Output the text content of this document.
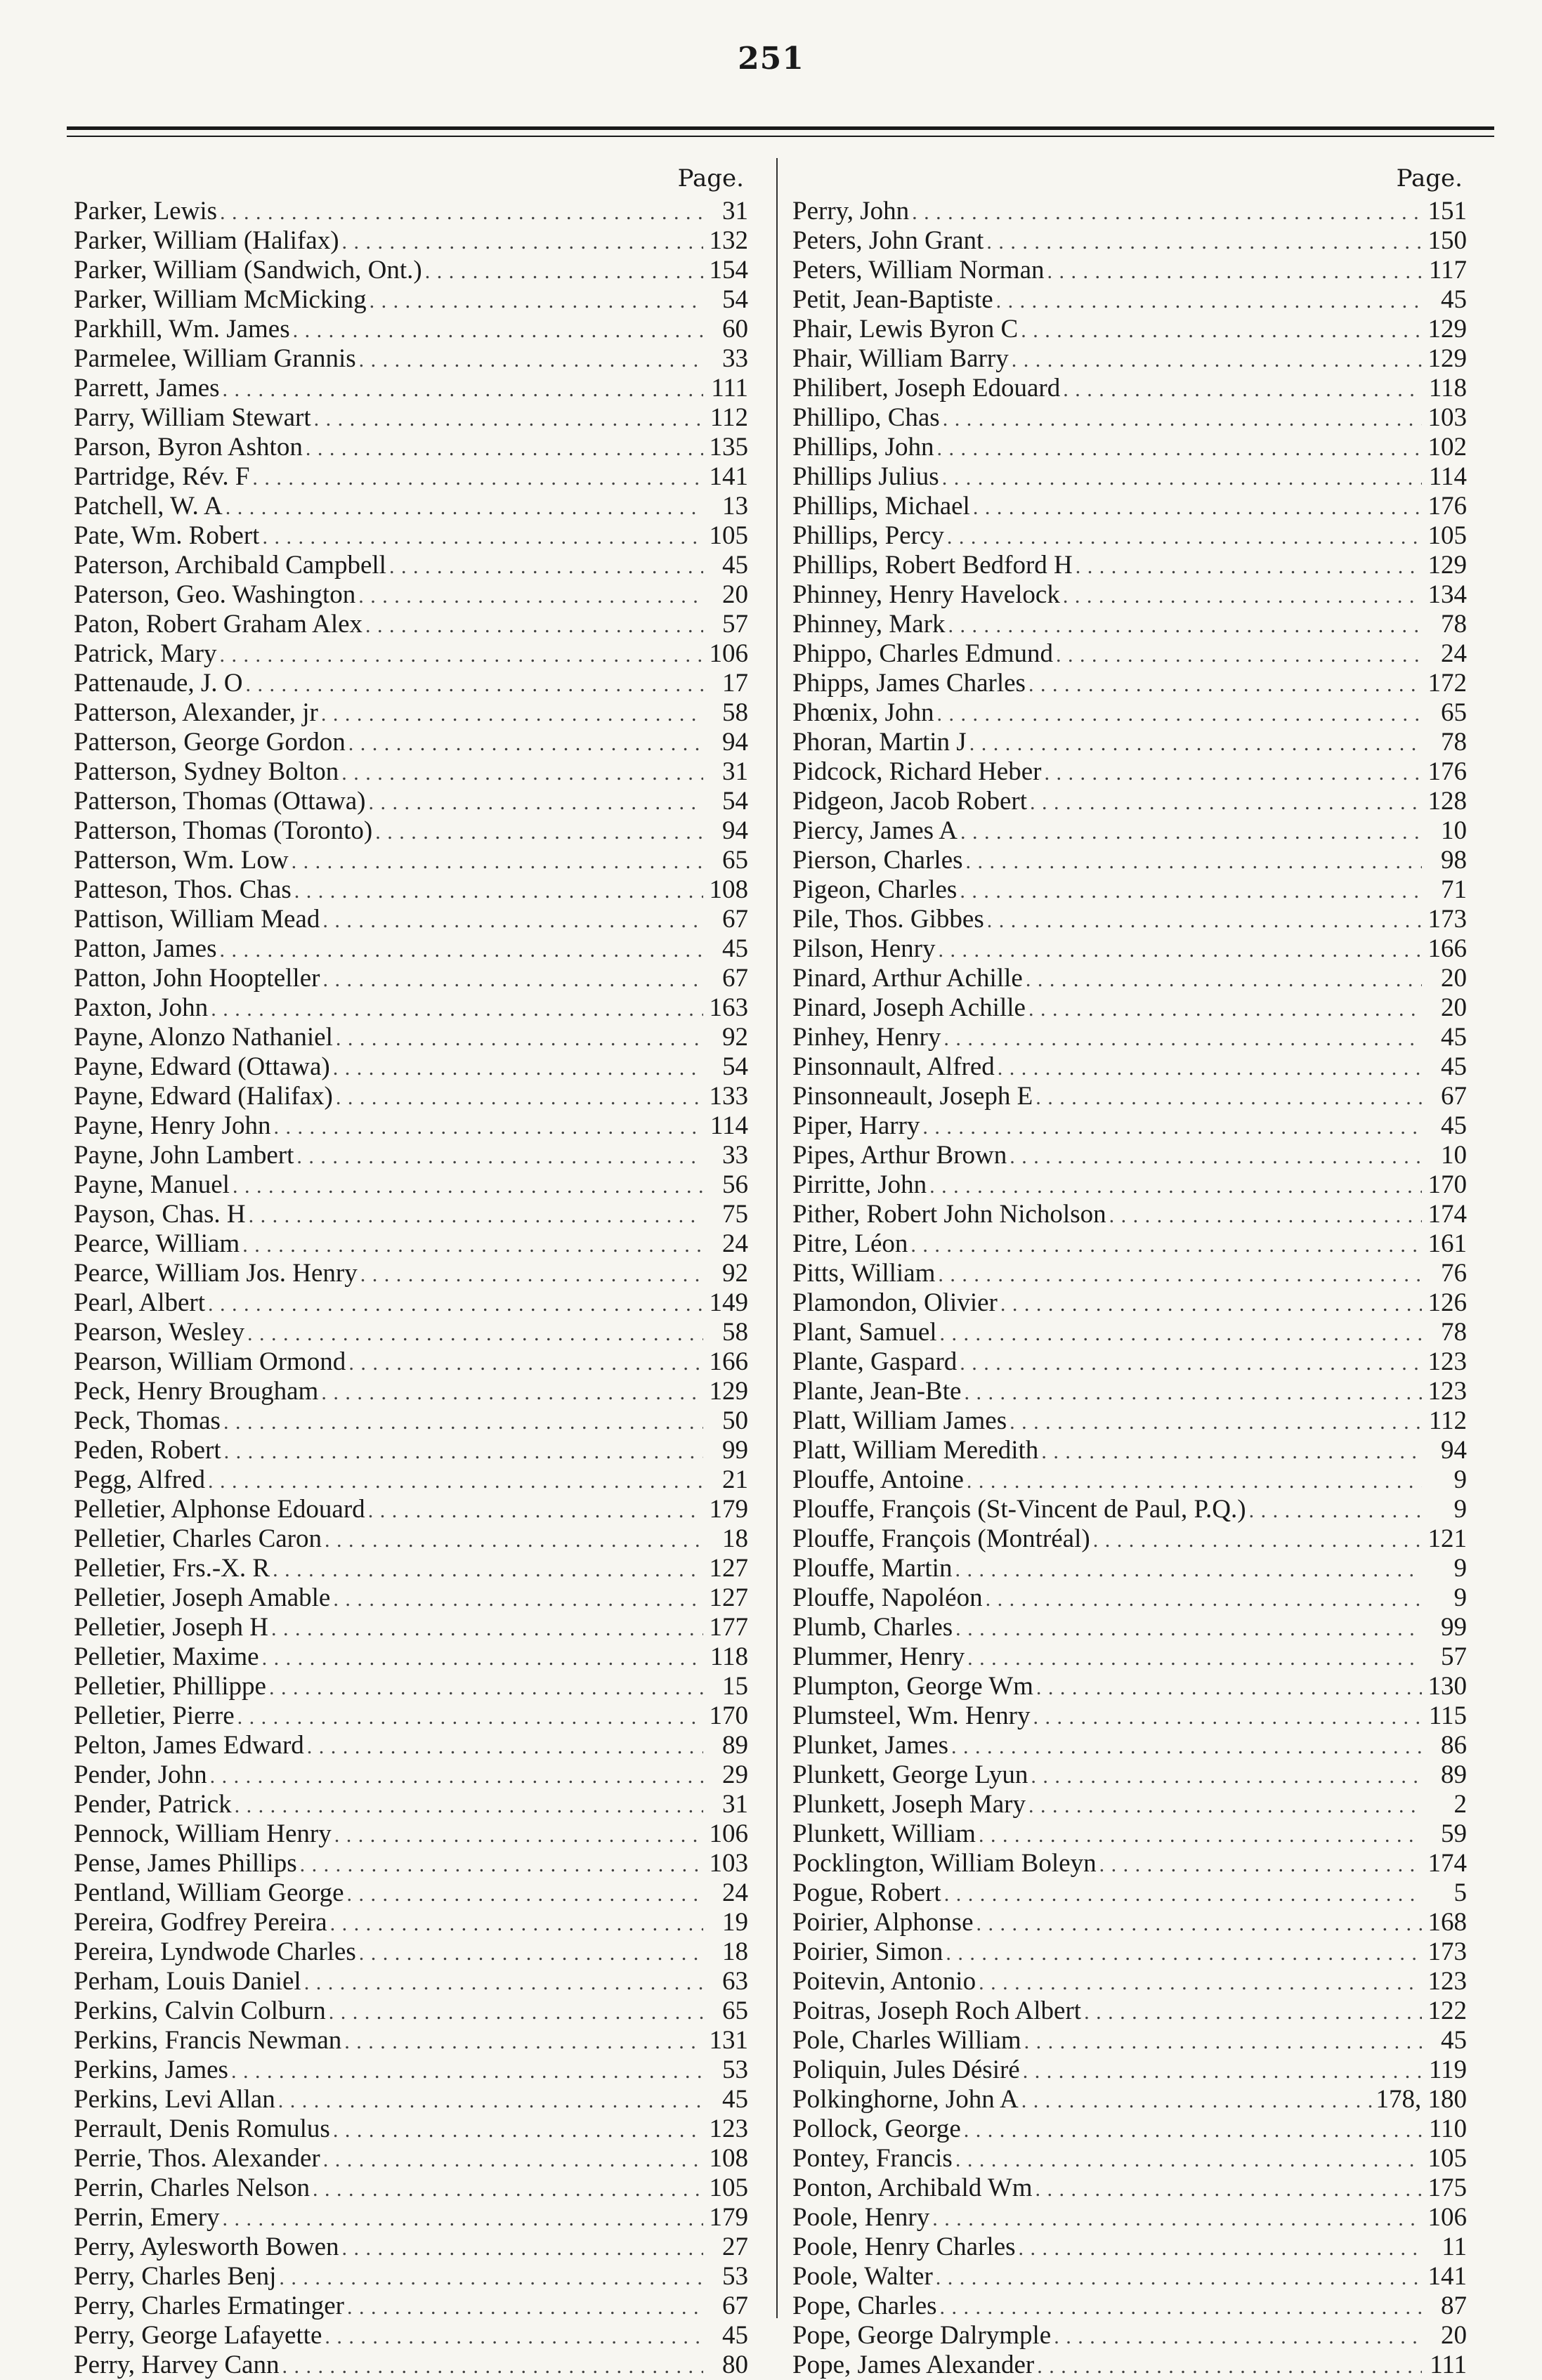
251
Page.
Parker, Lewis . . .	31
Parker, William (Halifax) . . .	132
Parker, William (Sandwich, Ont.) . . .	154
Parker, William McMicking . . .	54
Parkhill, Wm. James . . .	60
Parmelee, William Grannis . . .	33
Parrett, James . . .	111
Parry, William Stewart . . .	112
Parson, Byron Ashton . . .	135
Partridge, Rév. F . . .	141
Patchell, W. A . . .	13
Pate, Wm. Robert . . .	105
Paterson, Archibald Campbell . . .	45
Paterson, Geo. Washington . . .	20
Paton, Robert Graham Alex . . .	57
Patrick, Mary . . .	106
Pattenaude, J. O . . .	17
Patterson, Alexander, jr . . .	58
Patterson, George Gordon . . .	94
Patterson, Sydney Bolton . . .	31
Patterson, Thomas (Ottawa) . . .	54
Patterson, Thomas (Toronto) . . .	94
Patterson, Wm. Low . . .	65
Patteson, Thos. Chas . . .	108
Pattison, William Mead . . .	67
Patton, James . . .	45
Patton, John Hoopteller . . .	67
Paxton, John . . .	163
Payne, Alonzo Nathaniel . . .	92
Payne, Edward (Ottawa) . . .	54
Payne, Edward (Halifax) . . .	133
Payne, Henry John . . .	114
Payne, John Lambert . . .	33
Payne, Manuel . . .	56
Payson, Chas. H . . .	75
Pearce, William . . .	24
Pearce, William Jos. Henry . . .	92
Pearl, Albert . . .	149
Pearson, Wesley . . .	58
Pearson, William Ormond . . .	166
Peck, Henry Brougham . . .	129
Peck, Thomas . . .	50
Peden, Robert . . .	99
Pegg, Alfred . . .	21
Pelletier, Alphonse Edouard . . .	179
Pelletier, Charles Caron . . .	18
Pelletier, Frs.-X. R . . .	127
Pelletier, Joseph Amable . . .	127
Pelletier, Joseph H . . .	177
Pelletier, Maxime . . .	118
Pelletier, Phillippe . . .	15
Pelletier, Pierre . . .	170
Pelton, James Edward . . .	89
Pender, John . . .	29
Pender, Patrick . . .	31
Pennock, William Henry . . .	106
Pense, James Phillips . . .	103
Pentland, William George . . .	24
Pereira, Godfrey Pereira . . .	19
Pereira, Lyndwode Charles . . .	18
Perham, Louis Daniel . . .	63
Perkins, Calvin Colburn . . .	65
Perkins, Francis Newman . . .	131
Perkins, James . . .	53
Perkins, Levi Allan . . .	45
Perrault, Denis Romulus . . .	123
Perrie, Thos. Alexander . . .	108
Perrin, Charles Nelson . . .	105
Perrin, Emery . . .	179
Perry, Aylesworth Bowen . . .	27
Perry, Charles Benj . . .	53
Perry, Charles Ermatinger . . .	67
Perry, George Lafayette . . .	45
Perry, Harvey Cann . . .	80
Page.
Perry, John . . .	151
Peters, John Grant . . .	150
Peters, William Norman . . .	117
Petit, Jean-Baptiste . . .	45
Phair, Lewis Byron C . . .	129
Phair, William Barry . . .	129
Philibert, Joseph Edouard . . .	118
Phillipo, Chas . . .	103
Phillips, John . . .	102
Phillips Julius . . .	114
Phillips, Michael . . .	176
Phillips, Percy . . .	105
Phillips, Robert Bedford H . . .	129
Phinney, Henry Havelock . . .	134
Phinney, Mark . . .	78
Phippo, Charles Edmund . . .	24
Phipps, James Charles . . .	172
Phœnix, John . . .	65
Phoran, Martin J . . .	78
Pidcock, Richard Heber . . .	176
Pidgeon, Jacob Robert . . .	128
Piercy, James A . . .	10
Pierson, Charles . . .	98
Pigeon, Charles . . .	71
Pile, Thos. Gibbes . . .	173
Pilson, Henry . . .	166
Pinard, Arthur Achille . . .	20
Pinard, Joseph Achille . . .	20
Pinhey, Henry . . .	45
Pinsonnault, Alfred . . .	45
Pinsonneault, Joseph E . . .	67
Piper, Harry . . .	45
Pipes, Arthur Brown . . .	10
Pirritte, John . . .	170
Pither, Robert John Nicholson . . .	174
Pitre, Léon . . .	161
Pitts, William . . .	76
Plamondon, Olivier . . .	126
Plant, Samuel . . .	78
Plante, Gaspard . . .	123
Plante, Jean-Bte . . .	123
Platt, William James . . .	112
Platt, William Meredith . . .	94
Plouffe, Antoine . . .	9
Plouffe, François (St-Vincent de Paul, P.Q.) . . .	9
Plouffe, François (Montréal) . . .	121
Plouffe, Martin . . .	9
Plouffe, Napoléon . . .	9
Plumb, Charles . . .	99
Plummer, Henry . . .	57
Plumpton, George Wm . . .	130
Plumsteel, Wm. Henry . . .	115
Plunket, James . . .	86
Plunkett, George Lyun . . .	89
Plunkett, Joseph Mary . . .	2
Plunkett, William . . .	59
Pocklington, William Boleyn . . .	174
Pogue, Robert . . .	5
Poirier, Alphonse . . .	168
Poirier, Simon . . .	173
Poitevin, Antonio . . .	123
Poitras, Joseph Roch Albert . . .	122
Pole, Charles William . . .	45
Poliquin, Jules Désiré . . .	119
Polkinghorne, John A . . .	178, 180
Pollock, George . . .	110
Pontey, Francis . . .	105
Ponton, Archibald Wm . . .	175
Poole, Henry . . .	106
Poole, Henry Charles . . .	11
Poole, Walter . . .	141
Pope, Charles . . .	87
Pope, George Dalrymple . . .	20
Pope, James Alexander . . .	111
